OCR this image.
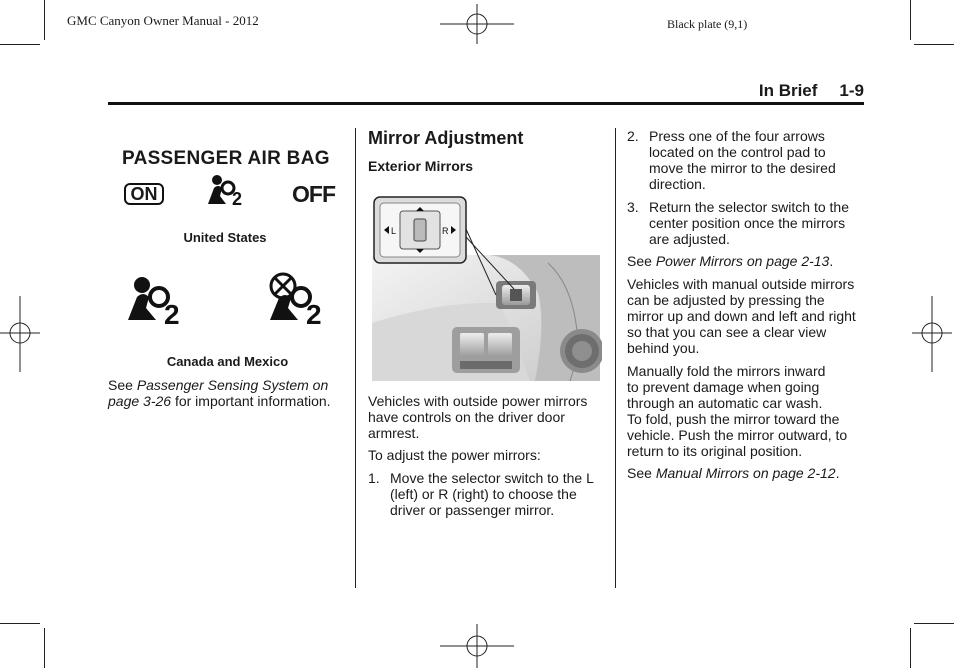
GMC Canyon Owner Manual - 2012	Black plate (9,1)
In Brief 1-9
PASSENGER AIR BAG
ON	2 OFF
United States
2	2
Canada and Mexico

See Passenger Sensing System on page 3-26 for important information.

Mirror Adjustment
Exterior Mirrors
L	R

Vehicles with outside power mirrors have controls on the driver door armrest.

To adjust the power mirrors:

1. Move the selector switch to the L (left) or R (right) to choose the driver or passenger mirror.
2. Press one of the four arrows located on the control pad to move the mirror to the desired direction.
3. Return the selector switch to the center position once the mirrors are adjusted.

See Power Mirrors on page 2-13.

Vehicles with manual outside mirrors can be adjusted by pressing the mirror up and down and left and right so that you can see a clear view behind you.

Manually fold the mirrors inward to prevent damage when going through an automatic car wash.

To fold, push the mirror toward the vehicle. Push the mirror outward, to return to its original position.

See Manual Mirrors on page 2-12.
